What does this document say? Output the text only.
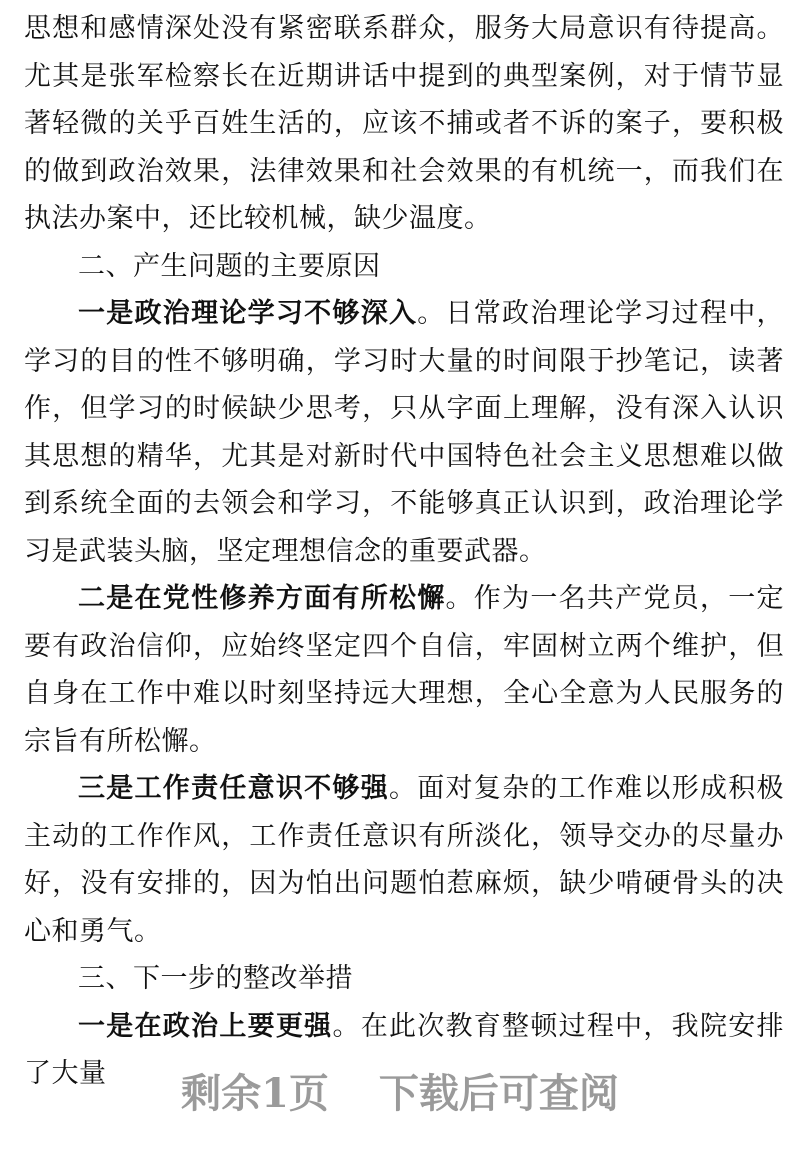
思想和感情深处没有紧密联系群众，服务大局意识有待提高。尤其是张军检察长在近期讲话中提到的典型案例，对于情节显著轻微的关乎百姓生活的，应该不捕或者不诉的案子，要积极的做到政治效果，法律效果和社会效果的有机统一，而我们在执法办案中，还比较机械，缺少温度。

二、产生问题的主要原因

一是政治理论学习不够深入。日常政治理论学习过程中，学习的目的性不够明确，学习时大量的时间限于抄笔记，读著作，但学习的时候缺少思考，只从字面上理解，没有深入认识其思想的精华，尤其是对新时代中国特色社会主义思想难以做到系统全面的去领会和学习，不能够真正认识到，政治理论学习是武装头脑，坚定理想信念的重要武器。

二是在党性修养方面有所松懈。作为一名共产党员，一定要有政治信仰，应始终坚定四个自信，牢固树立两个维护，但自身在工作中难以时刻坚持远大理想，全心全意为人民服务的宗旨有所松懈。

三是工作责任意识不够强。面对复杂的工作难以形成积极主动的工作作风，工作责任意识有所淡化，领导交办的尽量办好，没有安排的，因为怕出问题怕惹麻烦，缺少啃硬骨头的决心和勇气。

三、下一步的整改举措

一是在政治上要更强。在此次教育整顿过程中，我院安排了大量	剩余1页 下载后可查阅
